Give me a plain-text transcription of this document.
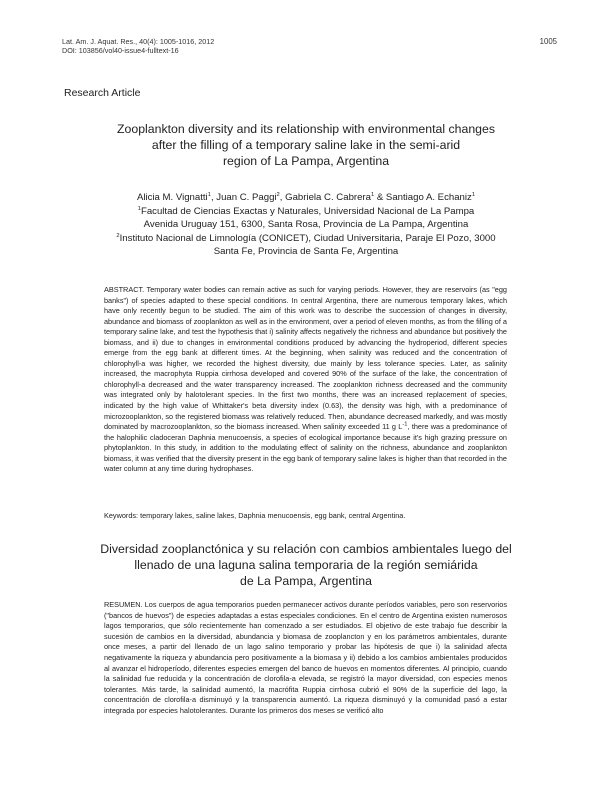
Lat. Am. J. Aquat. Res., 40(4): 1005-1016, 2012
DOI: 103856/vol40-issue4-fulltext-16
1005
Research Article
Zooplankton diversity and its relationship with environmental changes
after the filling of a temporary saline lake in the semi-arid
region of La Pampa, Argentina
Alicia M. Vignatti$^1$, Juan C. Paggi$^2$, Gabriela C. Cabrera$^1$ & Santiago A. Echaniz$^1$
$^1$Facultad de Ciencias Exactas y Naturales, Universidad Nacional de La Pampa
Avenida Uruguay 151, 6300, Santa Rosa, Provincia de La Pampa, Argentina
$^2$Instituto Nacional de Limnología (CONICET), Ciudad Universitaria, Paraje El Pozo, 3000
Santa Fe, Provincia de Santa Fe, Argentina
ABSTRACT. Temporary water bodies can remain active as such for varying periods. However, they are reservoirs (as "egg banks") of species adapted to these special conditions. In central Argentina, there are numerous temporary lakes, which have only recently begun to be studied. The aim of this work was to describe the succession of changes in diversity, abundance and biomass of zooplankton as well as in the environment, over a period of eleven months, as from the filling of a temporary saline lake, and test the hypothesis that i) salinity affects negatively the richness and abundance but positively the biomass, and ii) due to changes in environmental conditions produced by advancing the hydroperiod, different species emerge from the egg bank at different times. At the beginning, when salinity was reduced and the concentration of chlorophyll-a was higher, we recorded the highest diversity, due mainly by less tolerance species. Later, as salinity increased, the macrophyta Ruppia cirrhosa developed and covered 90% of the surface of the lake, the concentration of chlorophyll-a decreased and the water transparency increased. The zooplankton richness decreased and the community was integrated only by halotolerant species. In the first two months, there was an increased replacement of species, indicated by the high value of Whittaker's beta diversity index (0.63), the density was high, with a predominance of microzooplankton, so the registered biomass was relatively reduced. Then, abundance decreased markedly, and was mostly dominated by macrozooplankton, so the biomass increased. When salinity exceeded 11 g $L^{-1}$, there was a predominance of the halophilic cladoceran Daphnia menucoensis, a species of ecological importance because it's high grazing pressure on phytoplankton. In this study, in addition to the modulating effect of salinity on the richness, abundance and zooplankton biomass, it was verified that the diversity present in the egg bank of temporary saline lakes is higher than that recorded in the water column at any time during hydrophases.
Keywords: temporary lakes, saline lakes, Daphnia menucoensis, egg bank, central Argentina.
Diversidad zooplanctónica y su relación con cambios ambientales luego del
llenado de una laguna salina temporaria de la región semiárida
de La Pampa, Argentina
RESUMEN. Los cuerpos de agua temporarios pueden permanecer activos durante períodos variables, pero son reservorios ("bancos de huevos") de especies adaptadas a estas especiales condiciones. En el centro de Argentina existen numerosos lagos temporarios, que sólo recientemente han comenzado a ser estudiados. El objetivo de este trabajo fue describir la sucesión de cambios en la diversidad, abundancia y biomasa de zooplancton y en los parámetros ambientales, durante once meses, a partir del llenado de un lago salino temporario y probar las hipótesis de que i) la salinidad afecta negativamente la riqueza y abundancia pero positivamente a la biomasa y ii) debido a los cambios ambientales producidos al avanzar el hidroperíodo, diferentes especies emergen del banco de huevos en momentos diferentes. Al principio, cuando la salinidad fue reducida y la concentración de clorofila-a elevada, se registró la mayor diversidad, con especies menos tolerantes. Más tarde, la salinidad aumentó, la macrófita Ruppia cirrhosa cubrió el 90% de la superficie del lago, la concentración de clorofila-a disminuyó y la transparencia aumentó. La riqueza disminuyó y la comunidad pasó a estar integrada por especies halotolerantes. Durante los primeros dos meses se verificó alto
